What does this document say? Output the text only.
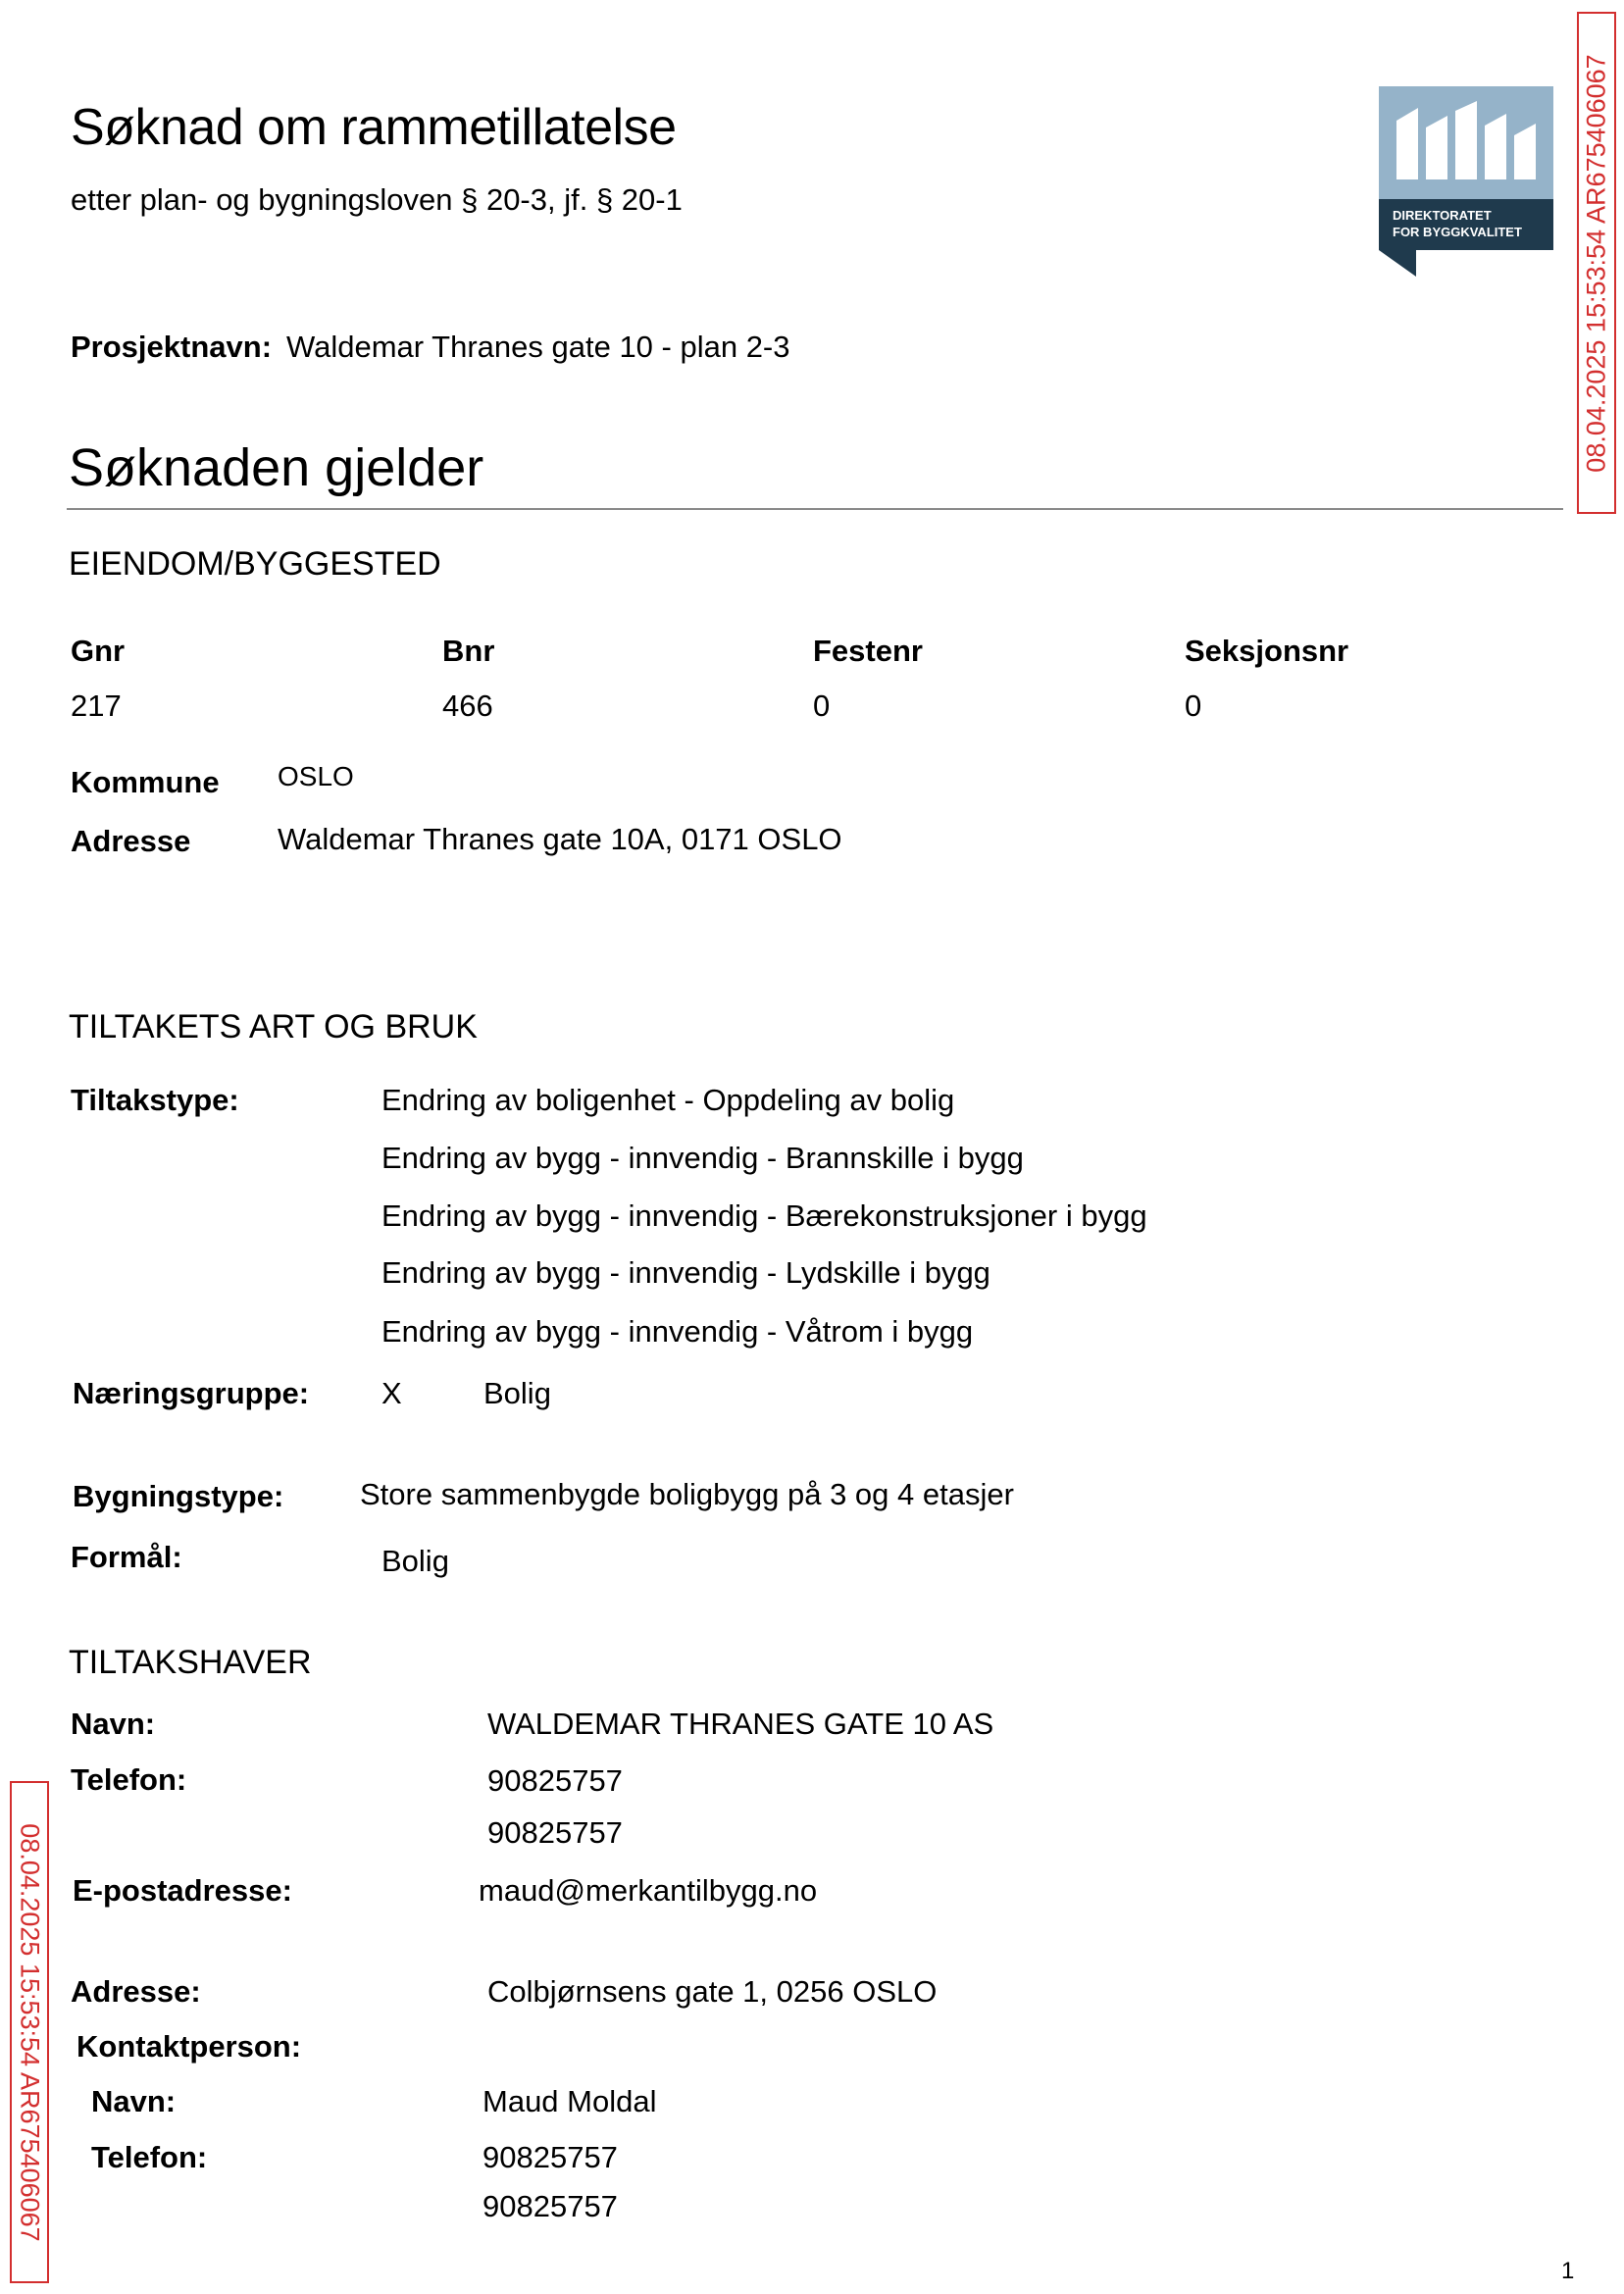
Søknad om rammetillatelse
etter plan- og bygningsloven § 20-3, jf. § 20-1	DIREKTORATET
FOR BYGGKVALITET 08.04.2025 15:53:54 AR675406067
Prosjektnavn: Waldemar Thranes gate 10 - plan 2-3
Søknaden gjelder
EIENDOM/BYGGESTED
Gnr	Bnr	Festenr	Seksjonsnr
217	466	0	0
Kommune OSLO
Adresse	Waldemar Thranes gate 10A, 0171 OSLO
TILTAKETS ART OG BRUK
Tiltakstype:	Endring av boligenhet - Oppdeling av bolig
Endring av bygg - innvendig - Brannskille i bygg
Endring av bygg - innvendig - Bærekonstruksjoner i bygg
Endring av bygg - innvendig - Lydskille i bygg
Endring av bygg - innvendig - Våtrom i bygg
Næringsgruppe: X	Bolig
Bygningstype:	Store sammenbygde boligbygg på 3 og 4 etasjer
Formål:	Bolig
TILTAKSHAVER
Navn:	WALDEMAR THRANES GATE 10 AS
Telefon:	90825757
90825757
E-postadresse:	maud@merkantilbygg.no
Adresse:	Colbjørnsens gate 1, 0256 OSLO
Kontaktperson:
Navn:	Maud Moldal
Telefon:	90825757
90825757
08.04.2025 15:53:54 AR675406067
1
